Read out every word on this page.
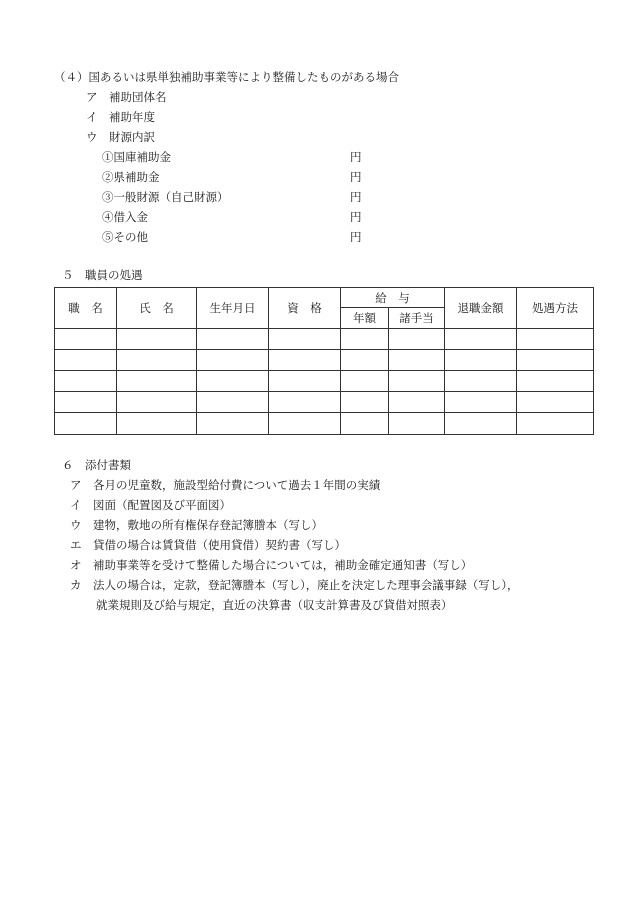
（４）国あるいは県単独補助事業等により整備したものがある場合
ア　補助団体名
イ　補助年度
ウ　財源内訳
①国庫補助金	円
②県補助金	円
③一般財源（自己財源）	円
④借入金	円
⑤その他	円
５　職員の処遇
職　名	氏　名	生年月日	資　格	給　与		退職金額	処遇方法
				年額	諸手当		

６　添付書類
ア　各月の児童数，施設型給付費について過去１年間の実績
イ　図面（配置図及び平面図）
ウ　建物，敷地の所有権保存登記簿謄本（写し）
エ　貸借の場合は賃貸借（使用貸借）契約書（写し）
オ　補助事業等を受けて整備した場合については，補助金確定通知書（写し）
カ　法人の場合は，定款，登記簿謄本（写し），廃止を決定した理事会議事録（写し），
就業規則及び給与規定，直近の決算書（収支計算書及び貸借対照表）
